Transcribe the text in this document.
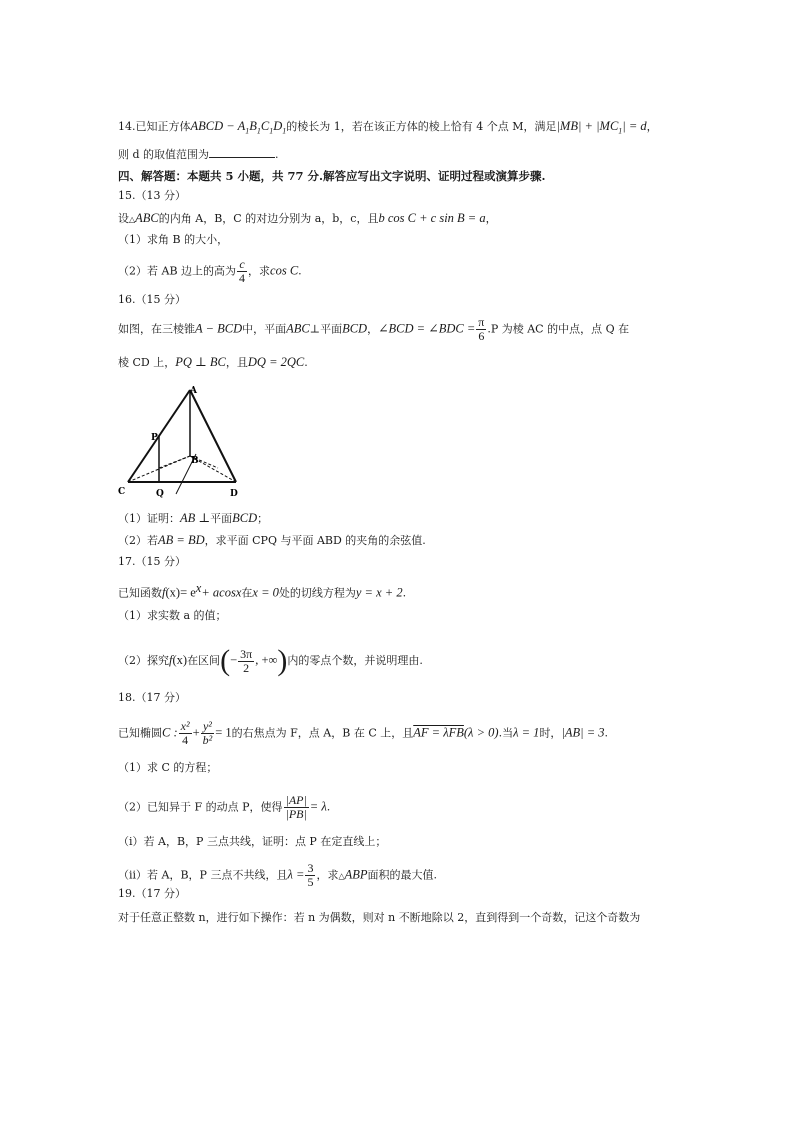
14.已知正方体ABCD − $A_1B_1C_1D_1$的棱长为 1，若在该正方体的棱上恰有 4 个点 M，满足$|MB| + |MC_1| = d$，
则 d 的取值范围为	.
四、解答题：本题共 5 小题，共 77 分.解答应写出文字说明、证明过程或演算步骤.
15.（13 分）
设△ABC的内角 A，B，C 的对边分别为 a，b，c，且b cos C + c sin B = a，
（1）求角 B 的大小，
（2）若 AB 边上的高为 $\frac{c}{4}$ ，求cos C.
16.（15 分）
如图，在三棱锥A − BCD中，平面ABC⊥平面BCD，∠BCD = ∠BDC = $\frac{\pi}{6} .P$ 为棱 AC 的中点，点 Q 在
棱 CD 上，PQ ⊥ BC，且DQ = 2QC.
A
P
B
C	Q	D
（1）证明：AB ⊥平面BCD；
（2）若AB = BD，求平面 CPQ 与平面 ABD 的夹角的余弦值.
17.（15 分）
已知函数$f(x)= e^x+ acosx$在x = 0处的切线方程为y = x + 2.
（1）求实数 a 的值；
（2）探究f(x)在区间(− $\frac{3\pi}{2}$ , +∞)内的零点个数，并说明理由.
18.（17 分）
已知椭圆C : $\frac{\text{x²}}{4} + \frac{\text{y²}}{\text{b²}} = 1$的右焦点为 F，点 A，B 在 C 上，且AF = λFB(λ > 0).当λ = 1时，|AB| = 3.
（1）求 C 的方程；
（2）已知异于 F 的动点 P，使得 $\frac{|AP|}{|PB|} = \lambda$.
（i）若 A，B，P 三点共线，证明：点 P 在定直线上；
（ii）若 A，B，P 三点不共线，且$\lambda = \frac{3}{5}$ ，求△ABP面积的最大值.
19.（17 分）
对于任意正整数 n，进行如下操作：若 n 为偶数，则对 n 不断地除以 2，直到得到一个奇数，记这个奇数为
